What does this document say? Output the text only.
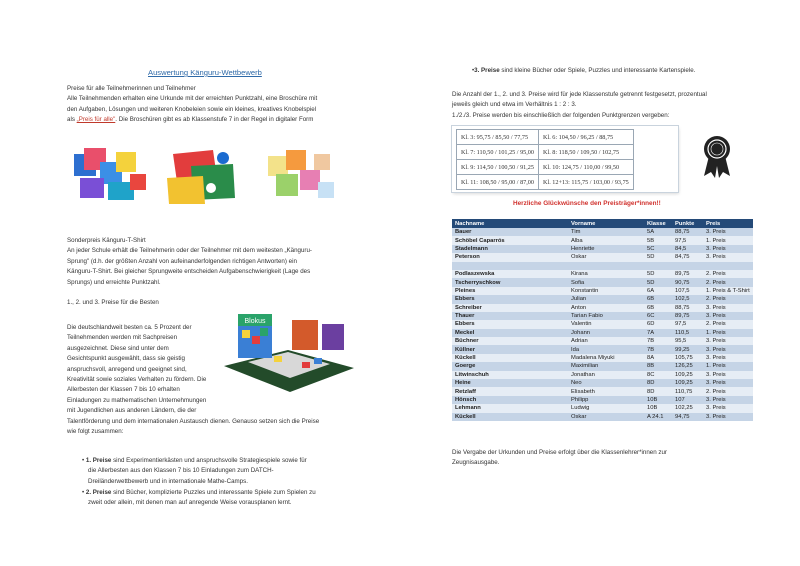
Auswertung Känguru-Wettbewerb
Preise für alle Teilnehmerinnen und Teilnehmer
Alle Teilnehmenden erhalten eine Urkunde mit der erreichten Punktzahl, eine Broschüre mit
den Aufgaben, Lösungen und weiteren Knobeleien sowie ein kleines, kreatives Knobelspiel
als „Preis für alle". Die Broschüren gibt es ab Klassenstufe 7 in der Regel in digitaler Form
Sonderpreis Känguru-T-Shirt
An jeder Schule erhält die Teilnehmerin oder der Teilnehmer mit dem weitesten „Känguru-
Sprung" (d.h. der größten Anzahl von aufeinanderfolgenden richtigen Antworten) ein
Känguru-T-Shirt. Bei gleicher Sprungweite entscheiden Aufgabenschwierigkeit (Lage des
Sprungs) und erreichte Punktzahl.
1., 2. und 3. Preise für die Besten
Die deutschlandweit besten ca. 5 Prozent der
Teilnehmenden werden mit Sachpreisen
ausgezeichnet. Diese sind unter dem
Gesichtspunkt ausgewählt, dass sie geistig
anspruchsvoll, anregend und geeignet sind,
Kreativität sowie soziales Verhalten zu fördern. Die
Allerbesten der Klassen 7 bis 10 erhalten
Einladungen zu mathematischen Unternehmungen
mit Jugendlichen aus anderen Ländern, die der
Talentförderung und dem internationalen Austausch dienen. Genauso setzen sich die Preise
wie folgt zusammen:
Blokus
• 1. Preise sind Experimentierkästen und anspruchsvolle Strategiespiele sowie für
die Allerbesten aus den Klassen 7 bis 10 Einladungen zum DATCH-
Dreiländerwettbewerb und in internationale Mathe-Camps.
• 2. Preise sind Bücher, komplizierte Puzzles und interessante Spiele zum Spielen zu
zweit oder allein, mit denen man auf anregende Weise vorausplanen lernt.
•3. Preise sind kleine Bücher oder Spiele, Puzzles und interessante Kartenspiele.
Die Anzahl der 1., 2. und 3. Preise wird für jede Klassenstufe getrennt festgesetzt, prozentual
jeweils gleich und etwa im Verhältnis 1 : 2 : 3.
1./2./3. Preise werden bis einschließlich der folgenden Punktgrenzen vergeben:
Kl. 3: 95,75 / 85,50 / 77,75	Kl. 6: 104,50 / 96,25 / 88,75
Kl. 7: 110,50 / 101,25 / 95,00	Kl. 8: 118,50 / 109,50 / 102,75
Kl. 9: 114,50 / 100,50 / 91,25	Kl. 10: 124,75 / 110,00 / 99,50
Kl. 11: 108,50 / 95,00 / 87,00	Kl. 12+13: 115,75 / 103,00 / 93,75
Herzliche Glückwünsche den Preisträger*innen!!
Nachname	Vorname	Klasse	Punkte	Preis
Bauer	Tim	5A	88,75	3. Preis
Schöbel Caparrós	Alba	5B	97,5	1. Preis
Stadelmann	Henriette	5C	84,5	3. Preis
Peterson	Oskar	5D	84,75	3. Preis

Podlaszewska	Kirana	5D	89,75	2. Preis
Tscherryschkow	Sofia	5D	90,75	2. Preis
Pleines	Konstantin	6A	107,5	1. Preis & T-Shirt
Ebbers	Julian	6B	102,5	2. Preis
Schreiber	Anton	6B	88,75	3. Preis
Thauer	Tarian Fabio	6C	89,75	3. Preis
Ebbers	Valentin	6D	97,5	2. Preis
Meckel	Johann	7A	110,5	1. Preis
Büchner	Adrian	7B	95,5	3. Preis
Küllner	Ida	7B	99,25	3. Preis
Kückell	Madalena Miyuki	8A	105,75	3. Preis
Goerge	Maximilian	8B	126,25	1. Preis
Litwinschuh	Jonathan	8C	109,25	3. Preis
Heine	Neo	8D	109,25	3. Preis
Retzlaff	Elisabeth	8D	110,75	2. Preis
Hönsch	Philipp	10B	107	3. Preis
Lehmann	Ludwig	10B	102,25	3. Preis
Kückell	Oskar	A 24.1	94,75	3. Preis
Die Vergabe der Urkunden und Preise erfolgt über die Klassenlehrer*innen zur
Zeugnisausgabe.
